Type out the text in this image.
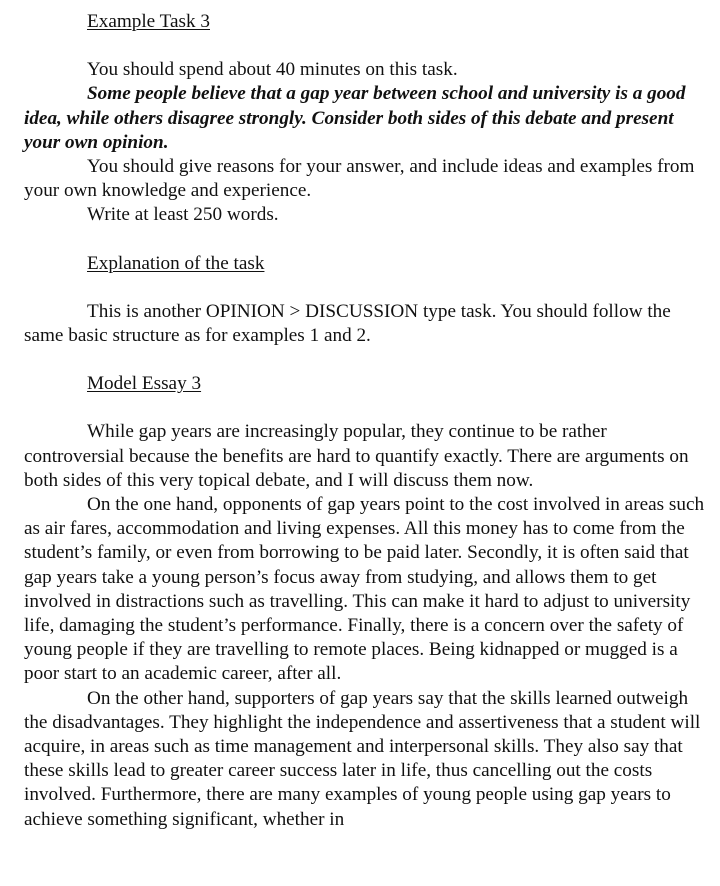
Example Task 3

You should spend about 40 minutes on this task.

Some people believe that a gap year between school and university is a good idea, while others disagree strongly. Consider both sides of this debate and present your own opinion.

You should give reasons for your answer, and include ideas and examples from your own knowledge and experience.

Write at least 250 words.

Explanation of the task

This is another OPINION > DISCUSSION type task. You should follow the same basic structure as for examples 1 and 2.

Model Essay 3

While gap years are increasingly popular, they continue to be rather controversial because the benefits are hard to quantify exactly. There are arguments on both sides of this very topical debate, and I will discuss them now.

On the one hand, opponents of gap years point to the cost involved in areas such as air fares, accommodation and living expenses. All this money has to come from the student’s family, or even from borrowing to be paid later. Secondly, it is often said that gap years take a young person’s focus away from studying, and allows them to get involved in distractions such as travelling. This can make it hard to adjust to university life, damaging the student’s performance. Finally, there is a concern over the safety of young people if they are travelling to remote places. Being kidnapped or mugged is a poor start to an academic career, after all.

On the other hand, supporters of gap years say that the skills learned outweigh the disadvantages. They highlight the independence and assertiveness that a student will acquire, in areas such as time management and interpersonal skills. They also say that these skills lead to greater career success later in life, thus cancelling out the costs involved. Furthermore, there are many examples of young people using gap years to achieve something significant, whether in
